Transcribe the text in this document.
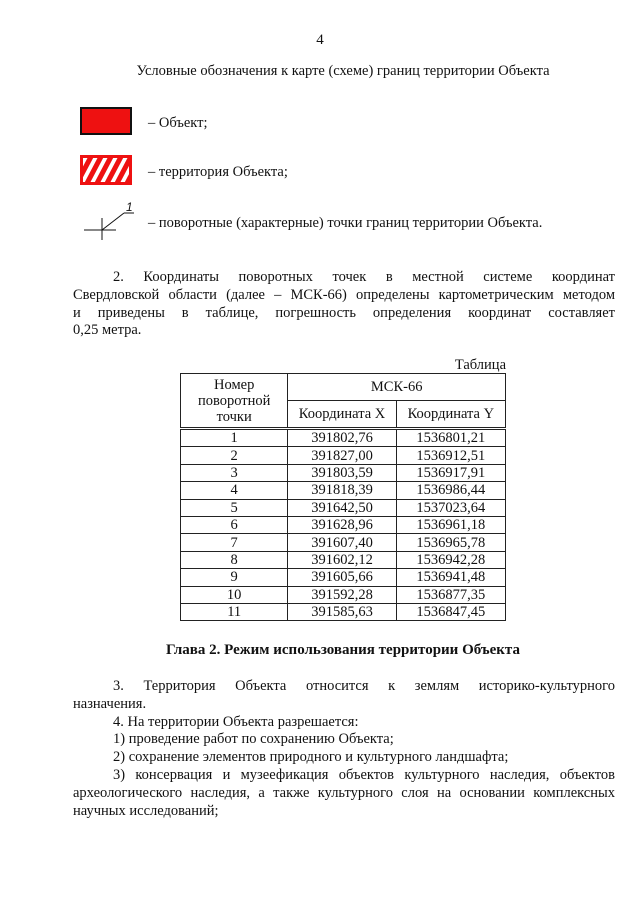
4
Условные обозначения к карте (схеме) границ территории Объекта
– Объект;
– территория Объекта;
1
– поворотные (характерные) точки границ территории Объекта.
2. Координаты поворотных точек в местной системе координат
Свердловской области (далее – МСК-66) определены картометрическим методом
и приведены в таблице, погрешность определения координат составляет
0,25 метра.
Таблица
Номер поворотной точки	МСК-66	
	Координата X	Координата Y
1	391802,76	1536801,21
2	391827,00	1536912,51
3	391803,59	1536917,91
4	391818,39	1536986,44
5	391642,50	1537023,64
6	391628,96	1536961,18
7	391607,40	1536965,78
8	391602,12	1536942,28
9	391605,66	1536941,48
10	391592,28	1536877,35
11	391585,63	1536847,45
Глава 2. Режим использования территории Объекта
3. Территория Объекта относится к землям историко-культурного
назначения.
4. На территории Объекта разрешается:
1) проведение работ по сохранению Объекта;
2) сохранение элементов природного и культурного ландшафта;
3) консервация и музеефикация объектов культурного наследия, объектов
археологического наследия, а также культурного слоя на основании комплексных
научных исследований;
